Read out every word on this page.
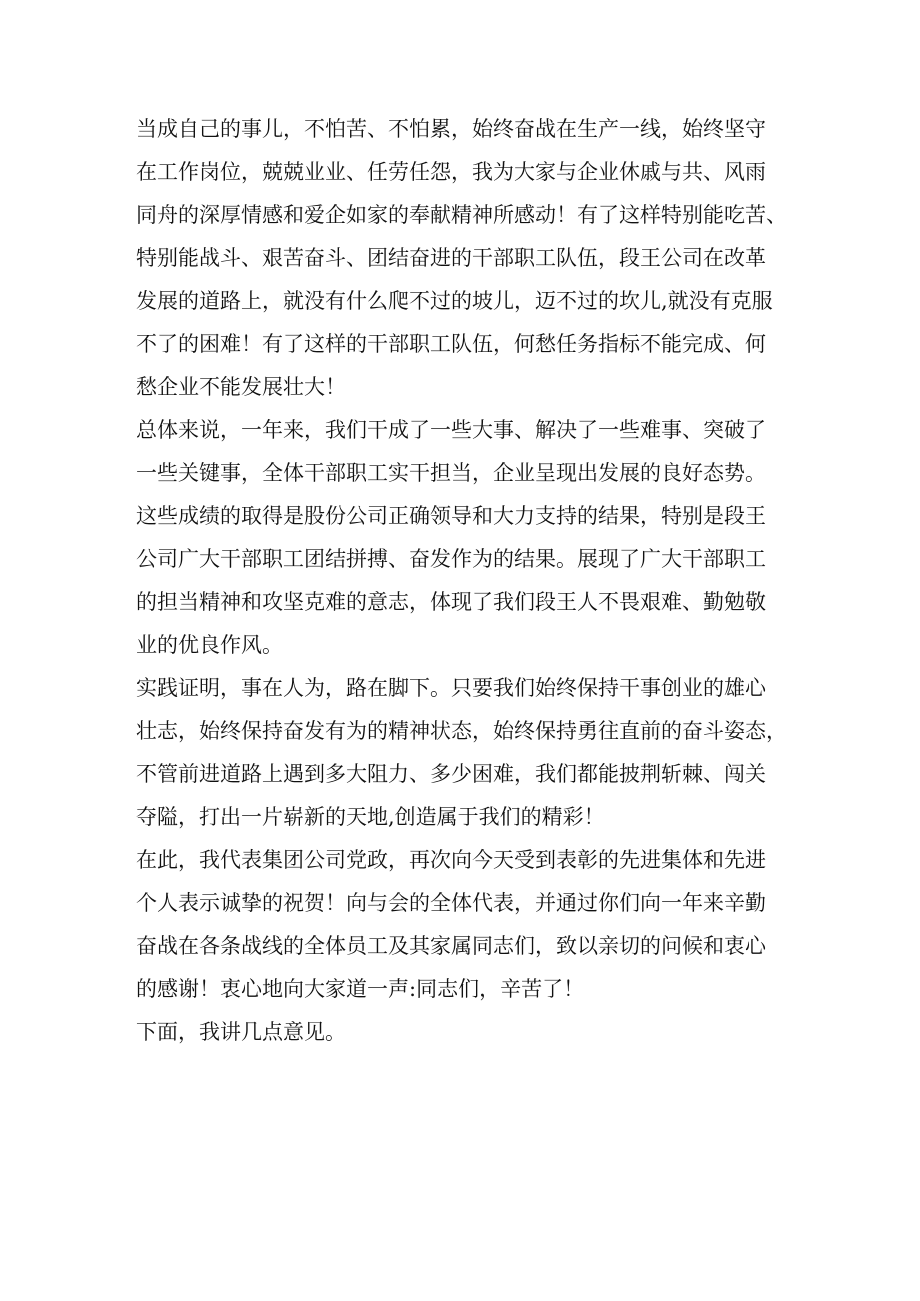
当成自己的事儿，不怕苦、不怕累，始终奋战在生产一线，始终坚守
在工作岗位，兢兢业业、任劳任怨，我为大家与企业休戚与共、风雨
同舟的深厚情感和爱企如家的奉献精神所感动！有了这样特别能吃苦、
特别能战斗、艰苦奋斗、团结奋进的干部职工队伍，段王公司在改革
发展的道路上，就没有什么爬不过的坡儿，迈不过的坎儿,就没有克服
不了的困难！有了这样的干部职工队伍，何愁任务指标不能完成、何
愁企业不能发展壮大！
总体来说，一年来，我们干成了一些大事、解决了一些难事、突破了
一些关键事，全体干部职工实干担当，企业呈现出发展的良好态势。
这些成绩的取得是股份公司正确领导和大力支持的结果，特别是段王
公司广大干部职工团结拼搏、奋发作为的结果。展现了广大干部职工
的担当精神和攻坚克难的意志，体现了我们段王人不畏艰难、勤勉敬
业的优良作风。
实践证明，事在人为，路在脚下。只要我们始终保持干事创业的雄心
壮志，始终保持奋发有为的精神状态，始终保持勇往直前的奋斗姿态，
不管前进道路上遇到多大阻力、多少困难，我们都能披荆斩棘、闯关
夺隘，打出一片崭新的天地,创造属于我们的精彩！
在此，我代表集团公司党政，再次向今天受到表彰的先进集体和先进
个人表示诚挚的祝贺！向与会的全体代表，并通过你们向一年来辛勤
奋战在各条战线的全体员工及其家属同志们，致以亲切的问候和衷心
的感谢！衷心地向大家道一声:同志们，辛苦了！
下面，我讲几点意见。
